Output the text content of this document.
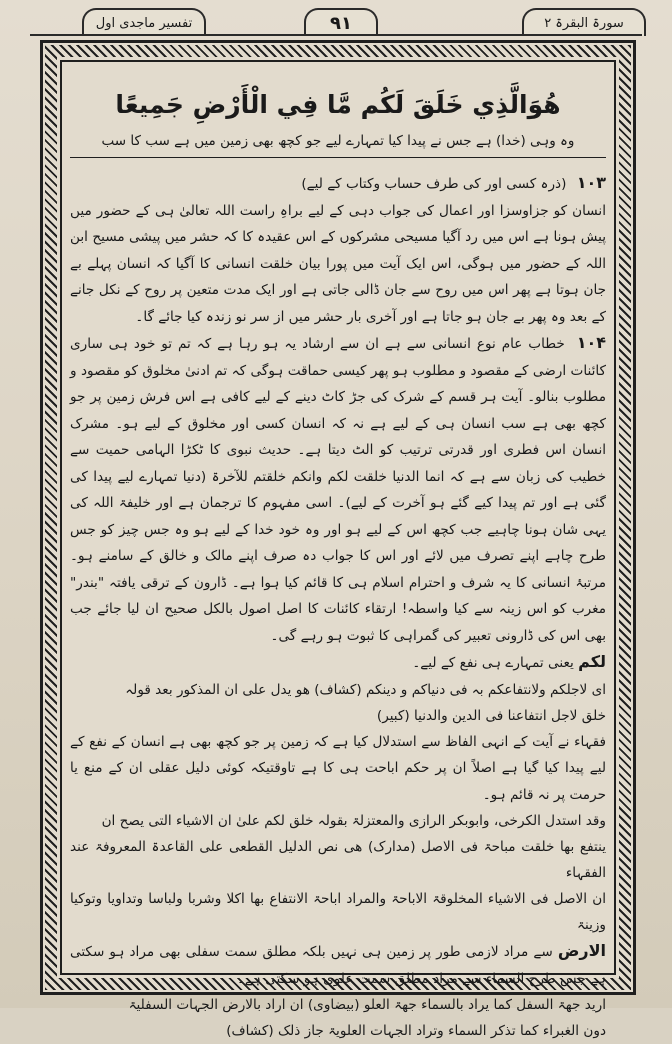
سورۃ البقرۃ ۲
۹۱
تفسیر ماجدی اول
هُوَالَّذِي خَلَقَ لَكُم مَّا فِي الْأَرْضِ جَمِيعًا
وہ وہی (خدا) ہے جس نے پیدا کیا تمہارے لیے جو کچھ بھی زمین میں ہے سب کا سب

۱۰۳ (ذرہ کسی اور کی طرف حساب وکتاب کے لیے)

انسان کو جزاوسزا اور اعمال کی جواب دہی کے لیے براہِ راست اللہ تعالیٰ ہی کے حضور میں پیش ہونا ہے اس میں رد آگیا مسیحی مشرکوں کے اس عقیدہ کا کہ حشر میں پیشی مسیح ابن اللہ کے حضور میں ہوگی، اس ایک آیت میں پورا بیان خلقت انسانی کا آگیا کہ انسان پہلے بے جان ہوتا ہے پھر اس میں روح سے جان ڈالی جاتی ہے اور ایک مدت متعین پر روح کے نکل جانے کے بعد وہ پھر بے جان ہو جاتا ہے اور آخری بار حشر میں از سر نو زندہ کیا جائے گا۔

۱۰۴ خطاب عام نوع انسانی سے ہے ان سے ارشاد یہ ہو رہا ہے کہ تم تو خود ہی ساری کائنات ارضی کے مقصود و مطلوب ہو پھر کیسی حماقت ہوگی کہ تم ادنیٰ مخلوق کو مقصود و مطلوب بنالو۔ آیت ہر قسم کے شرک کی جڑ کاٹ دینے کے لیے کافی ہے اس فرش زمین پر جو کچھ بھی ہے سب انسان ہی کے لیے ہے نہ کہ انسان کسی اور مخلوق کے لیے ہو۔ مشرک انسان اس فطری اور قدرتی ترتیب کو الٹ دیتا ہے۔ حدیث نبوی کا ٹکڑا الہامی حمیت سے خطیب کی زبان سے ہے کہ انما الدنیا خلقت لکم وانکم خلقتم للآخرۃ (دنیا تمہارے لیے پیدا کی گئی ہے اور تم پیدا کیے گئے ہو آخرت کے لیے)۔ اسی مفہوم کا ترجمان ہے اور خلیفۃ اللہ کی یہی شان ہونا چاہیے جب کچھ اس کے لیے ہو اور وہ خود خدا کے لیے ہو وہ جس چیز کو جس طرح چاہے اپنے تصرف میں لائے اور اس کا جواب دہ صرف اپنے مالک و خالق کے سامنے ہو۔ مرتبۂ انسانی کا یہ شرف و احترام اسلام ہی کا قائم کیا ہوا ہے۔ ڈارون کے ترقی یافتہ "بندر" مغرب کو اس زینہ سے کیا واسطہ! ارتقاء کائنات کا اصل اصول بالکل صحیح ان لیا جائے جب بھی اس کی ڈارونی تعبیر کی گمراہی کا ثبوت ہو رہے گی۔

لکم یعنی تمہارے ہی نفع کے لیے۔

ای لاجلکم ولانتفاعکم بہ فی دنیاکم و دینکم (کشاف) ھو یدل علی ان المذکور بعد قولہ

خلق لاجل انتفاعنا فی الدین والدنیا (کبیر)

فقہاء نے آیت کے انہی الفاظ سے استدلال کیا ہے کہ زمین پر جو کچھ بھی ہے انسان کے نفع کے لیے پیدا کیا گیا ہے اصلاً ان پر حکم اباحت ہی کا ہے تاوقتیکہ کوئی دلیل عقلی ان کے منع یا حرمت پر نہ قائم ہو۔

وقد استدل الکرخی، وابوبکر الرازی والمعتزلۃ بقولہ خلق لکم علیٰ ان الاشیاء التی یصح ان

ینتفع بھا خلقت مباحۃ فی الاصل (مدارک) ھی نص الدلیل القطعی علی القاعدۃ المعروفۃ عند الفقہاء

ان الاصل فی الاشیاء المخلوقۃ الاباحۃ والمراد اباحۃ الانتفاع بھا اکلا وشربا ولباسا وتداویا وتوکیا وزینۃ

الارض سے مراد لازمی طور پر زمین ہی نہیں بلکہ مطلق سمت سفلی بھی مراد ہو سکتی ہے جس طرح السماء سے مراد مطلق سمت علوی ہو سکتی ہے۔

ارید جھۃ السفل کما یراد بالسماء جھۃ العلو (بیضاوی) ان اراد بالارض الجہات السفلیۃ

دون الغبراء کما تذکر السماء وتراد الجہات العلویۃ جاز ذلک (کشاف)
